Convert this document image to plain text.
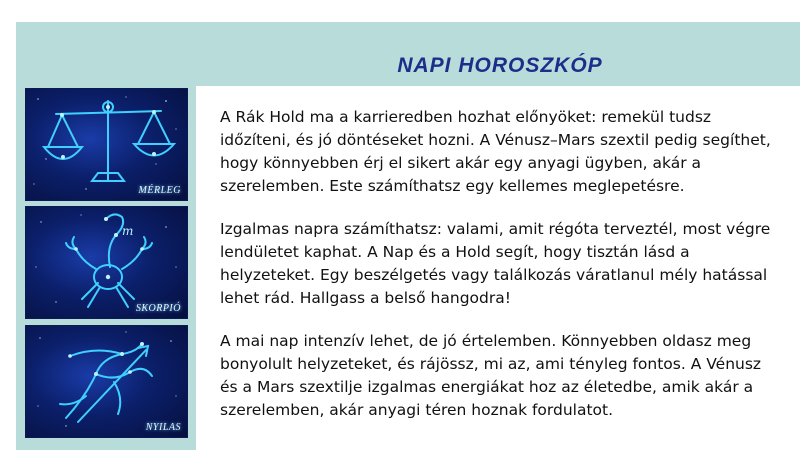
NAPI HOROSZKÓP
MÉRLEG
m
SKORPIÓ
NYILAS

A Rák Hold ma a karrieredben hozhat előnyöket: remekül tudsz időzíteni, és jó döntéseket hozni. A Vénusz–Mars szextil pedig segíthet, hogy könnyebben érj el sikert akár egy anyagi ügyben, akár a szerelemben. Este számíthatsz egy kellemes meglepetésre.

Izgalmas napra számíthatsz: valami, amit régóta terveztél, most végre lendületet kaphat. A Nap és a Hold segít, hogy tisztán lásd a helyzeteket. Egy beszélgetés vagy találkozás váratlanul mély hatással lehet rád. Hallgass a belső hangodra!

A mai nap intenzív lehet, de jó értelemben. Könnyebben oldasz meg bonyolult helyzeteket, és rájössz, mi az, ami tényleg fontos. A Vénusz és a Mars szextilje izgalmas energiákat hoz az életedbe, amik akár a szerelemben, akár anyagi téren hoznak fordulatot.
